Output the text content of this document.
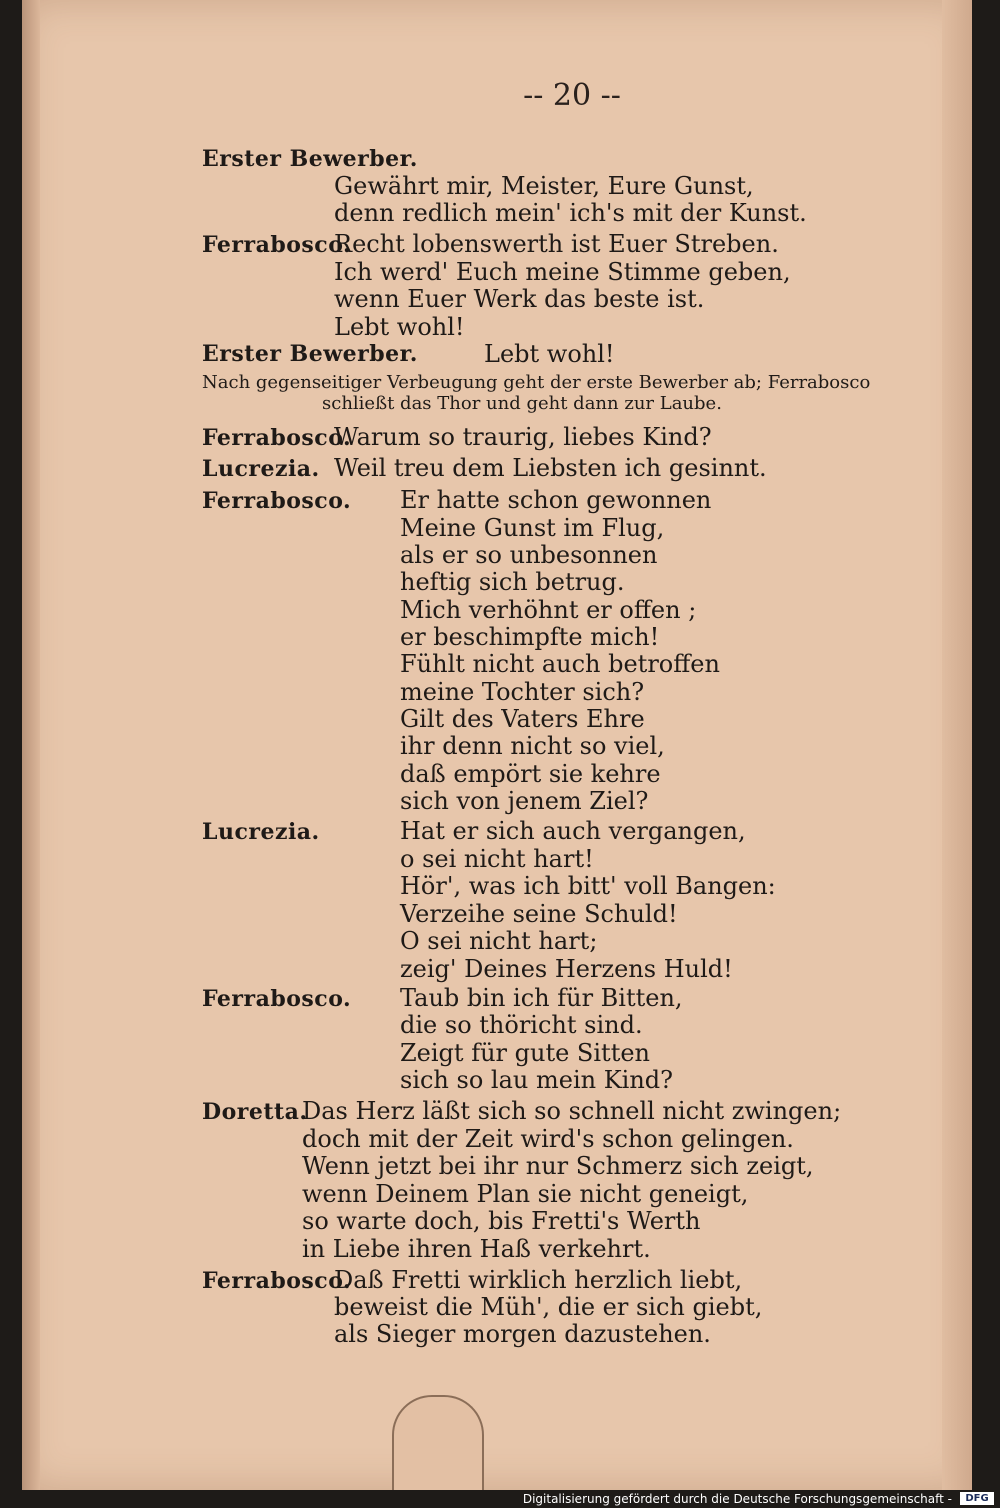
-- 20 --
Erster Bewerber.
Gewährt mir, Meister, Eure Gunst,
denn redlich mein' ich's mit der Kunst.
Ferrabosco.
Recht lobenswerth ist Euer Streben.
Ich werd' Euch meine Stimme geben,
wenn Euer Werk das beste ist.
Lebt wohl!
Erster Bewerber.	Lebt wohl!
Nach gegenseitiger Verbeugung geht der erste Bewerber ab; Ferrabosco
schließt das Thor und geht dann zur Laube.
Ferrabosco.
Warum so traurig, liebes Kind?
Lucrezia. Weil treu dem Liebsten ich gesinnt.
Ferrabosco. Er hatte schon gewonnen
Meine Gunst im Flug,
als er so unbesonnen
heftig sich betrug.
Mich verhöhnt er offen ;
er beschimpfte mich!
Fühlt nicht auch betroffen
meine Tochter sich?
Gilt des Vaters Ehre
ihr denn nicht so viel,
daß empört sie kehre
sich von jenem Ziel?
Lucrezia.	Hat er sich auch vergangen,
o sei nicht hart!
Hör', was ich bitt' voll Bangen:
Verzeihe seine Schuld!
O sei nicht hart;
zeig' Deines Herzens Huld!
Ferrabosco. Taub bin ich für Bitten,
die so thöricht sind.
Zeigt für gute Sitten
sich so lau mein Kind?
Doretta.
Das Herz läßt sich so schnell nicht zwingen;
doch mit der Zeit wird's schon gelingen.
Wenn jetzt bei ihr nur Schmerz sich zeigt,
wenn Deinem Plan sie nicht geneigt,
so warte doch, bis Fretti's Werth
in Liebe ihren Haß verkehrt.
Ferrabosco.
Daß Fretti wirklich herzlich liebt,
beweist die Müh', die er sich giebt,
als Sieger morgen dazustehen.
Digitalisierung gefördert durch die Deutsche Forschungsgemeinschaft -	DFG
